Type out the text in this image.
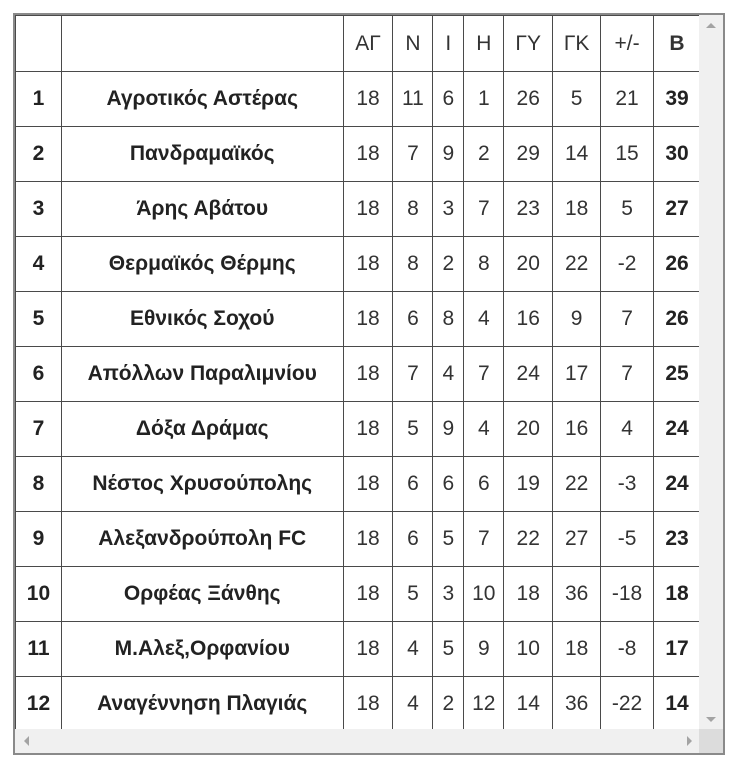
		ΑΓ	Ν	Ι	Η	ΓΥ	ΓΚ	+/-	Β
1	Αγροτικός Αστέρας	18	11	6	1	26	5	21	39
2	Πανδραμαϊκός	18	7	9	2	29	14	15	30
3	Άρης Αβάτου	18	8	3	7	23	18	5	27
4	Θερμαϊκός Θέρμης	18	8	2	8	20	22	-2	26
5	Εθνικός Σοχού	18	6	8	4	16	9	7	26
6	Απόλλων Παραλιμνίου	18	7	4	7	24	17	7	25
7	Δόξα Δράμας	18	5	9	4	20	16	4	24
8	Νέστος Χρυσούπολης	18	6	6	6	19	22	-3	24
9	Αλεξανδρούπολη FC	18	6	5	7	22	27	-5	23
10	Ορφέας Ξάνθης	18	5	3	10	18	36	-18	18
11	Μ.Αλεξ,Ορφανίου	18	4	5	9	10	18	-8	17
12	Αναγέννηση Πλαγιάς	18	4	2	12	14	36	-22	14
